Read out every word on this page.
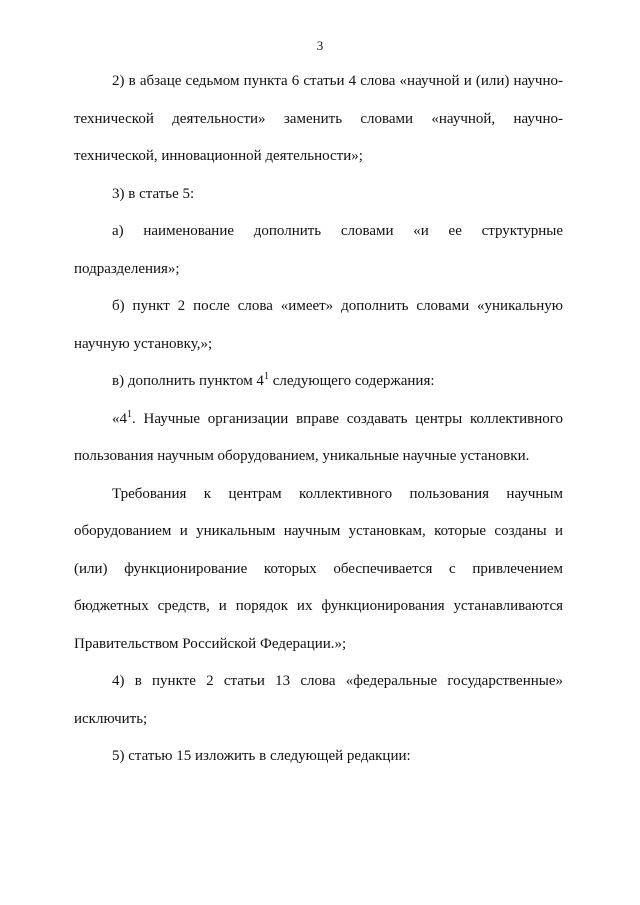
3

2) в абзаце седьмом пункта 6 статьи 4 слова «научной и (или) научно-технической деятельности» заменить словами «научной, научно-технической, инновационной деятельности»;

3) в статье 5:

а) наименование дополнить словами «и ее структурные подразделения»;

б) пункт 2 после слова «имеет» дополнить словами «уникальную научную установку,»;

в) дополнить пунктом $4^1$ следующего содержания:

«$4^1$. Научные организации вправе создавать центры коллективного пользования научным оборудованием, уникальные научные установки.

Требования к центрам коллективного пользования научным оборудованием и уникальным научным установкам, которые созданы и (или) функционирование которых обеспечивается с привлечением бюджетных средств, и порядок их функционирования устанавливаются Правительством Российской Федерации.»;

4) в пункте 2 статьи 13 слова «федеральные государственные» исключить;

5) статью 15 изложить в следующей редакции:
